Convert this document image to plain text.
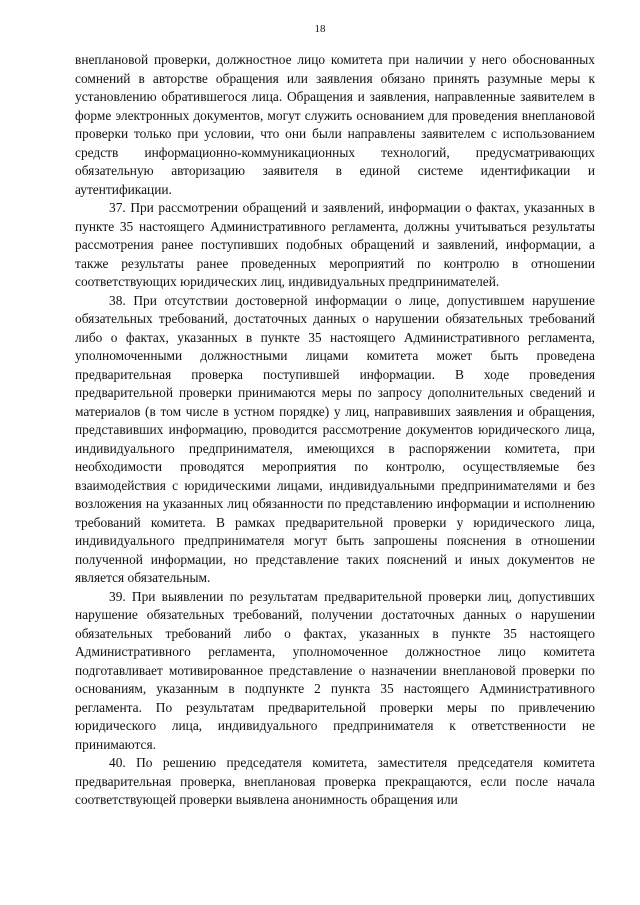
18

внеплановой проверки, должностное лицо комитета при наличии у него обоснованных сомнений в авторстве обращения или заявления обязано принять разумные меры к установлению обратившегося лица. Обращения и заявления, направленные заявителем в форме электронных документов, могут служить основанием для проведения внеплановой проверки только при условии, что они были направлены заявителем с использованием средств информационно-коммуникационных технологий, предусматривающих обязательную авторизацию заявителя в единой системе идентификации и аутентификации.

37. При рассмотрении обращений и заявлений, информации о фактах, указанных в пункте 35 настоящего Административного регламента, должны учитываться результаты рассмотрения ранее поступивших подобных обращений и заявлений, информации, а также результаты ранее проведенных мероприятий по контролю в отношении соответствующих юридических лиц, индивидуальных предпринимателей.

38. При отсутствии достоверной информации о лице, допустившем нарушение обязательных требований, достаточных данных о нарушении обязательных требований либо о фактах, указанных в пункте 35 настоящего Административного регламента, уполномоченными должностными лицами комитета может быть проведена предварительная проверка поступившей информации. В ходе проведения предварительной проверки принимаются меры по запросу дополнительных сведений и материалов (в том числе в устном порядке) у лиц, направивших заявления и обращения, представивших информацию, проводится рассмотрение документов юридического лица, индивидуального предпринимателя, имеющихся в распоряжении комитета, при необходимости проводятся мероприятия по контролю, осуществляемые без взаимодействия с юридическими лицами, индивидуальными предпринимателями и без возложения на указанных лиц обязанности по представлению информации и исполнению требований комитета. В рамках предварительной проверки у юридического лица, индивидуального предпринимателя могут быть запрошены пояснения в отношении полученной информации, но представление таких пояснений и иных документов не является обязательным.

39. При выявлении по результатам предварительной проверки лиц, допустивших нарушение обязательных требований, получении достаточных данных о нарушении обязательных требований либо о фактах, указанных в пункте 35 настоящего Административного регламента, уполномоченное должностное лицо комитета подготавливает мотивированное представление о назначении внеплановой проверки по основаниям, указанным в подпункте 2 пункта 35 настоящего Административного регламента. По результатам предварительной проверки меры по привлечению юридического лица, индивидуального предпринимателя к ответственности не принимаются.

40. По решению председателя комитета, заместителя председателя комитета предварительная проверка, внеплановая проверка прекращаются, если после начала соответствующей проверки выявлена анонимность обращения или
